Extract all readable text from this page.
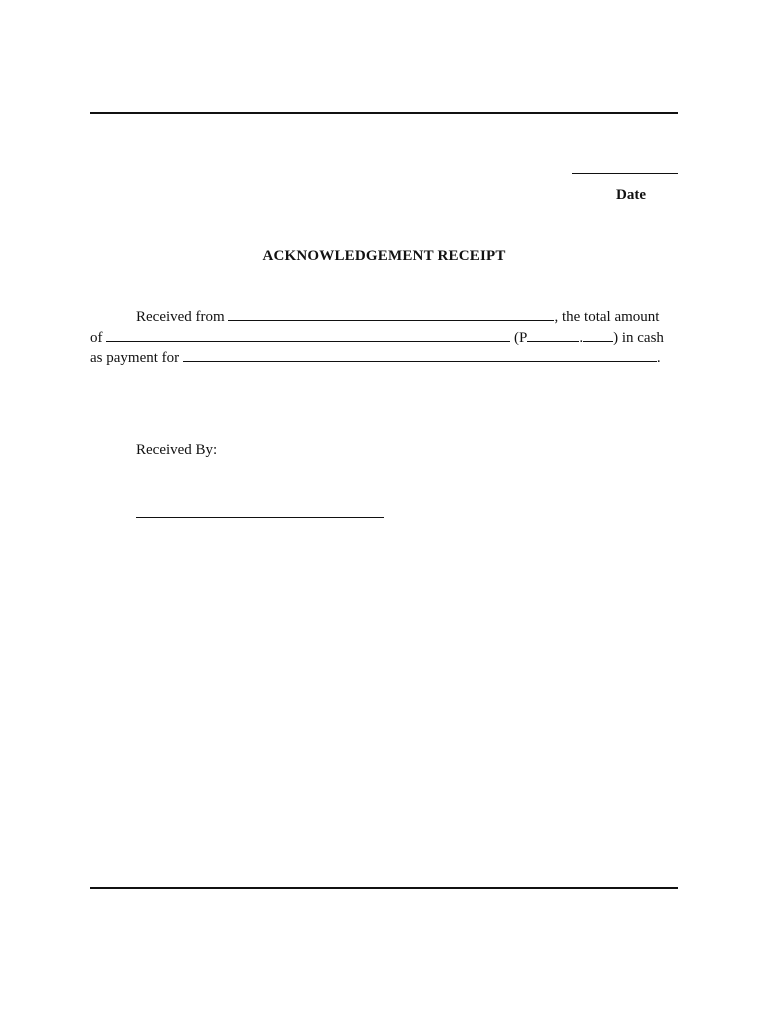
Date
ACKNOWLEDGEMENT RECEIPT
Received from	, the total amount
of	(P	. ) in cash
as payment for	.
Received By:
